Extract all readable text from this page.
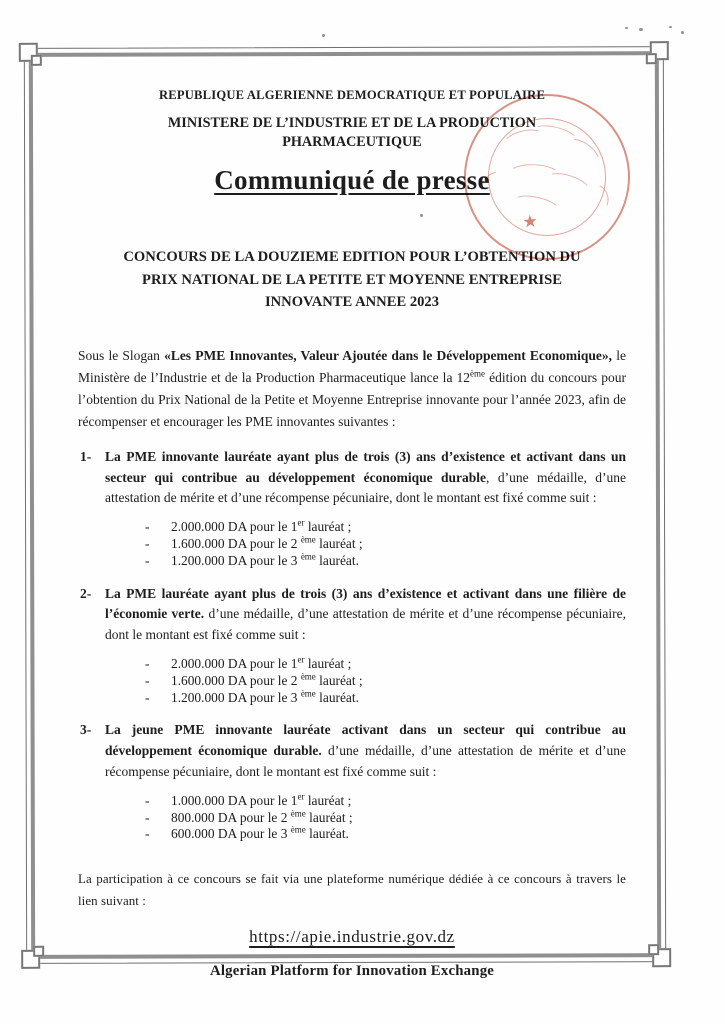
REPUBLIQUE ALGERIENNE DEMOCRATIQUE ET POPULAIRE
MINISTERE DE L’INDUSTRIE ET DE LA PRODUCTION
PHARMACEUTIQUE
Communiqué de presse
CONCOURS DE LA DOUZIEME EDITION POUR L’OBTENTION DU
PRIX NATIONAL DE LA PETITE ET MOYENNE ENTREPRISE
INNOVANTE ANNEE 2023

Sous le Slogan «Les PME Innovantes, Valeur Ajoutée dans le Développement Economique», le Ministère de l’Industrie et de la Production Pharmaceutique lance la 12ème édition du concours pour l’obtention du Prix National de la Petite et Moyenne Entreprise innovante pour l’année 2023, afin de récompenser et encourager les PME innovantes suivantes :

1- La PME innovante lauréate ayant plus de trois (3) ans d’existence et activant dans un secteur qui contribue au développement économique durable, d’une médaille, d’une attestation de mérite et d’une récompense pécuniaire, dont le montant est fixé comme suit :
-	2.000.000 DA pour le 1er lauréat ;
-	1.600.000 DA pour le 2 $^{ème}$ lauréat ;
-	1.200.000 DA pour le 3 $^{ème}$ lauréat.
2- La PME lauréate ayant plus de trois (3) ans d’existence et activant dans une filière de l’économie verte. d’une médaille, d’une attestation de mérite et d’une récompense pécuniaire, dont le montant est fixé comme suit :
-	2.000.000 DA pour le 1er lauréat ;
-	1.600.000 DA pour le 2 $^{ème}$ lauréat ;
-	1.200.000 DA pour le 3 $^{ème}$ lauréat.
3- La jeune PME innovante lauréate activant dans un secteur qui contribue au développement économique durable. d’une médaille, d’une attestation de mérite et d’une récompense pécuniaire, dont le montant est fixé comme suit :
-	1.000.000 DA pour le 1er lauréat ;
-	800.000 DA pour le 2 $^{ème}$ lauréat ;
-	600.000 DA pour le 3 $^{ème}$ lauréat.

La participation à ce concours se fait via une plateforme numérique dédiée à ce concours à travers le lien suivant :

https://apie.industrie.gov.dz
Algerian Platform for Innovation Exchange
★
